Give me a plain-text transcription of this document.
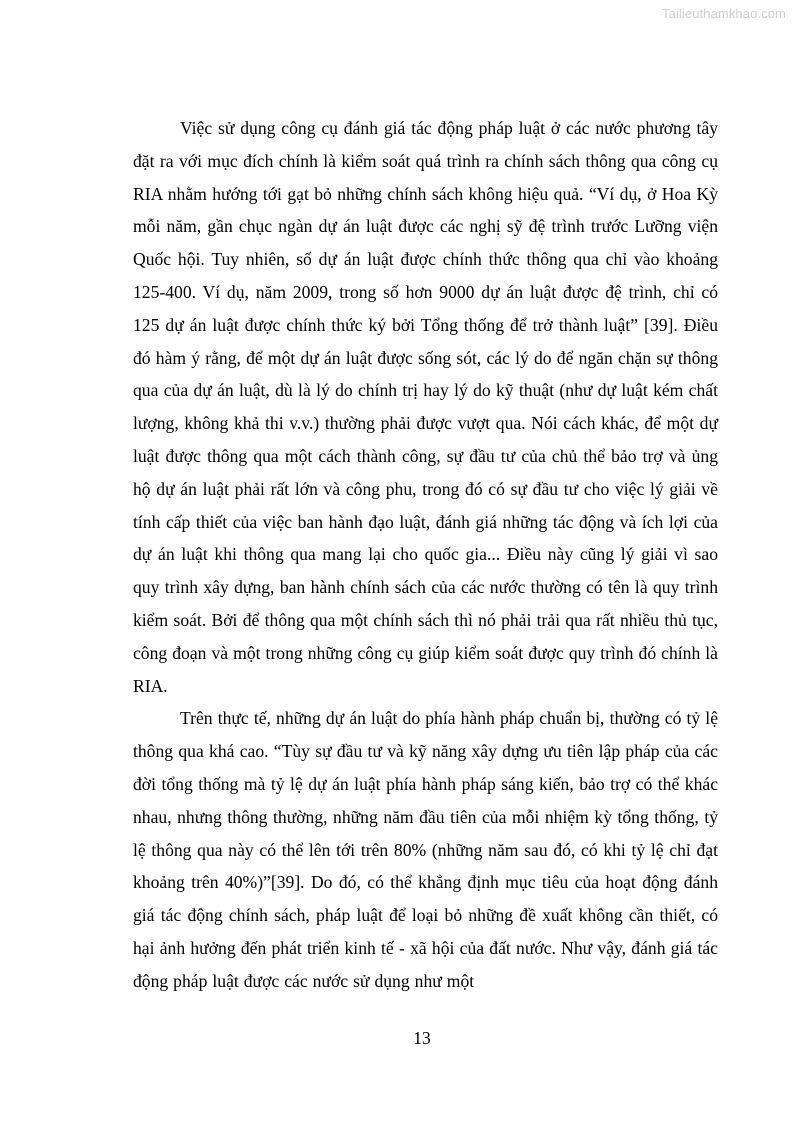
Tailieuthamkhao.com

Việc sử dụng công cụ đánh giá tác động pháp luật ở các nước phương tây đặt ra với mục đích chính là kiểm soát quá trình ra chính sách thông qua công cụ RIA nhằm hướng tới gạt bỏ những chính sách không hiệu quả. “Ví dụ, ở Hoa Kỳ mỗi năm, gần chục ngàn dự án luật được các nghị sỹ đệ trình trước Lưỡng viện Quốc hội. Tuy nhiên, số dự án luật được chính thức thông qua chỉ vào khoảng 125-400. Ví dụ, năm 2009, trong số hơn 9000 dự án luật được đệ trình, chỉ có 125 dự án luật được chính thức ký bởi Tổng thống để trở thành luật” [39]. Điều đó hàm ý rằng, để một dự án luật được sống sót, các lý do để ngăn chặn sự thông qua của dự án luật, dù là lý do chính trị hay lý do kỹ thuật (như dự luật kém chất lượng, không khả thi v.v.) thường phải được vượt qua. Nói cách khác, để một dự luật được thông qua một cách thành công, sự đầu tư của chủ thể bảo trợ và ủng hộ dự án luật phải rất lớn và công phu, trong đó có sự đầu tư cho việc lý giải về tính cấp thiết của việc ban hành đạo luật, đánh giá những tác động và ích lợi của dự án luật khi thông qua mang lại cho quốc gia... Điều này cũng lý giải vì sao quy trình xây dựng, ban hành chính sách của các nước thường có tên là quy trình kiểm soát. Bởi để thông qua một chính sách thì nó phải trải qua rất nhiều thủ tục, công đoạn và một trong những công cụ giúp kiểm soát được quy trình đó chính là RIA.

Trên thực tế, những dự án luật do phía hành pháp chuẩn bị, thường có tỷ lệ thông qua khá cao. “Tùy sự đầu tư và kỹ năng xây dựng ưu tiên lập pháp của các đời tổng thống mà tỷ lệ dự án luật phía hành pháp sáng kiến, bảo trợ có thể khác nhau, nhưng thông thường, những năm đầu tiên của mỗi nhiệm kỳ tổng thống, tỷ lệ thông qua này có thể lên tới trên 80% (những năm sau đó, có khi tỷ lệ chỉ đạt khoảng trên 40%)”[39]. Do đó, có thể khẳng định mục tiêu của hoạt động đánh giá tác động chính sách, pháp luật để loại bỏ những đề xuất không cần thiết, có hại ảnh hưởng đến phát triển kinh tế - xã hội của đất nước. Như vậy, đánh giá tác động pháp luật được các nước sử dụng như một

13
